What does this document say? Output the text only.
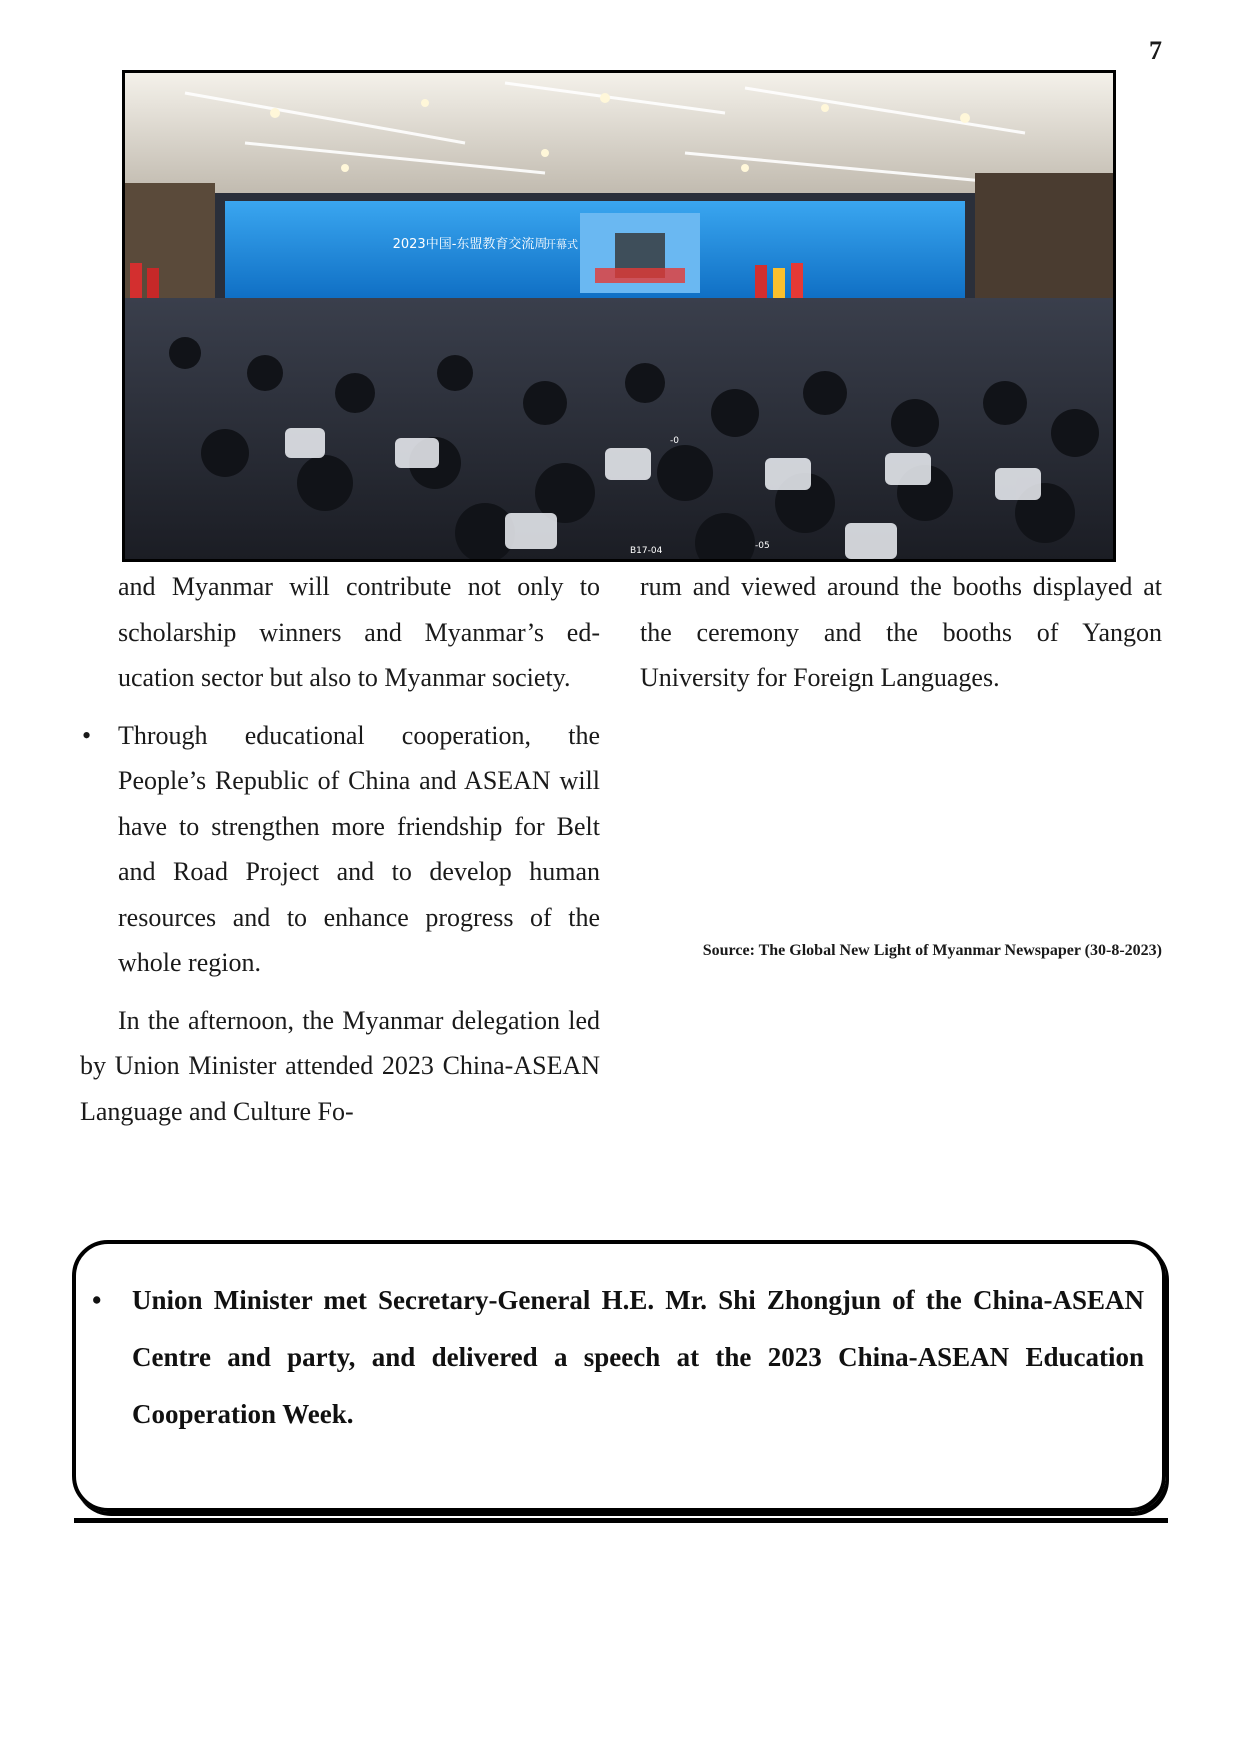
7
2023中国-东盟教育交流周
开幕式
B17-04	-05
-0

and Myanmar will contribute not only to scholarship winners and Myanmar’s education sector but also to Myanmar society.

• Through educational cooperation, the People’s Republic of China and ASEAN will have to strengthen more friendship for Belt and Road Project and to develop human resources and to enhance progress of the whole region.

In the afternoon, the Myanmar delegation led by Union Minister attended 2023 China-ASEAN Language and Culture Fo-

rum and viewed around the booths displayed at the ceremony and the booths of Yangon University for Foreign Languages.

Source: The Global New Light of Myanmar Newspaper (30-8-2023)
• Union Minister met Secretary-General H.E. Mr. Shi Zhongjun of the China-ASEAN Centre and party, and delivered a speech at the 2023 China-ASEAN Education Cooperation Week.
